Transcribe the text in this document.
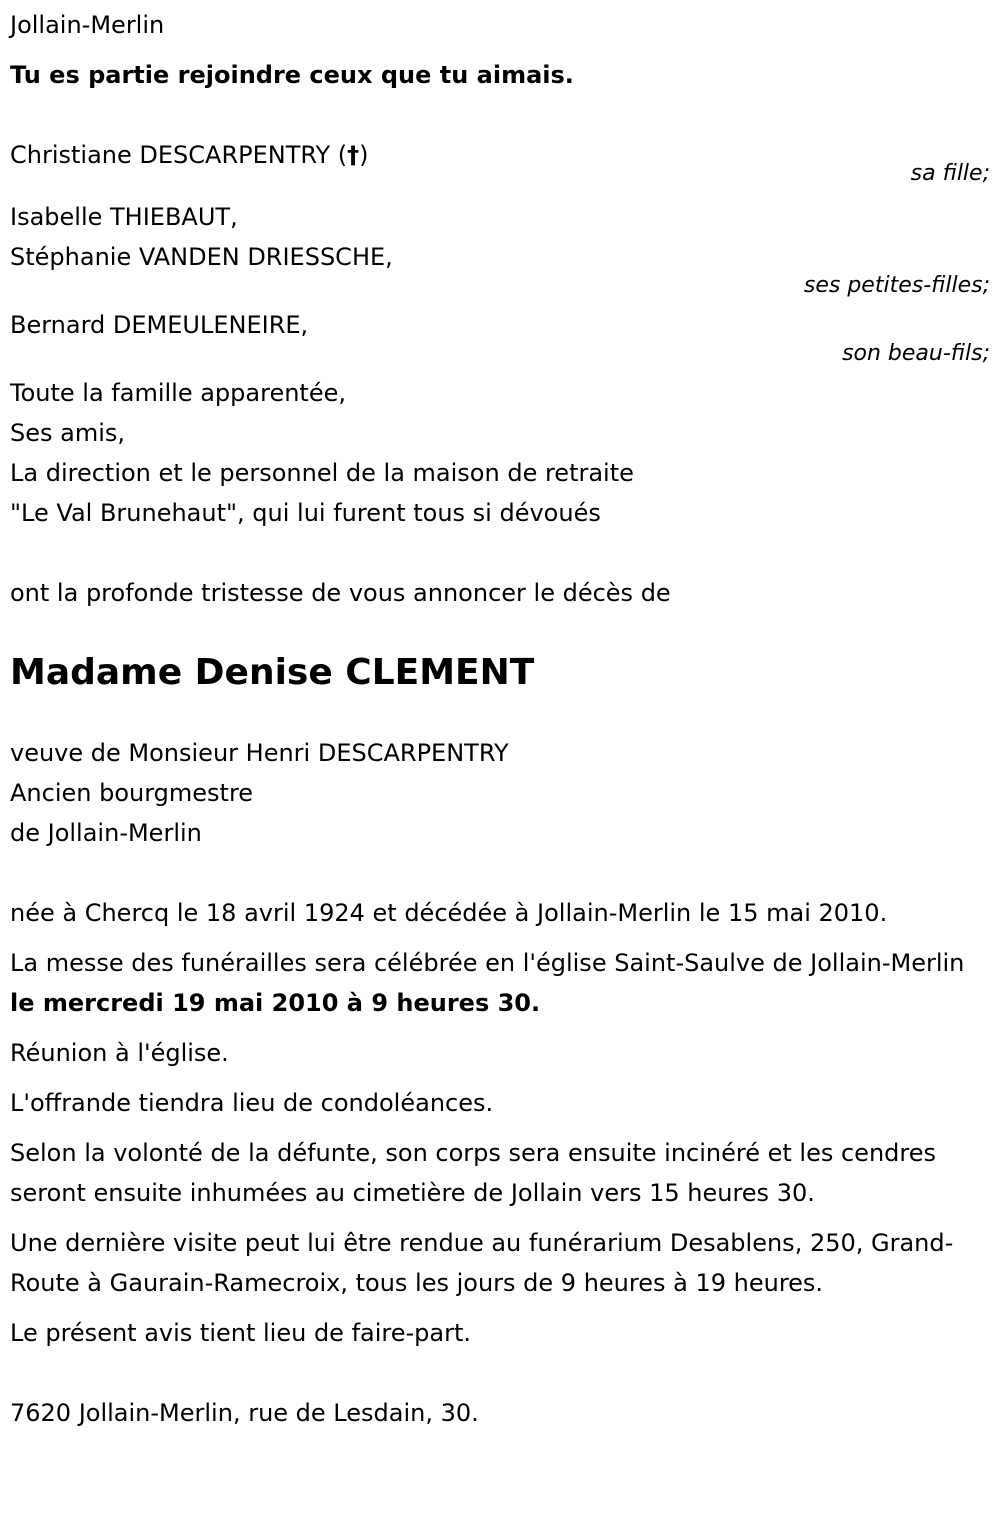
Jollain-Merlin
Tu es partie rejoindre ceux que tu aimais.
Christiane DESCARPENTRY (†)
sa fille;
Isabelle THIEBAUT,
Stéphanie VANDEN DRIESSCHE,
ses petites-filles;
Bernard DEMEULENEIRE,
son beau-fils;
Toute la famille apparentée,
Ses amis,
La direction et le personnel de la maison de retraite
"Le Val Brunehaut", qui lui furent tous si dévoués
ont la profonde tristesse de vous annoncer le décès de
Madame Denise CLEMENT
veuve de Monsieur Henri DESCARPENTRY
Ancien bourgmestre
de Jollain-Merlin
née à Chercq le 18 avril 1924 et décédée à Jollain-Merlin le 15 mai 2010.
La messe des funérailles sera célébrée en l'église Saint-Saulve de Jollain-Merlin le mercredi 19 mai 2010 à 9 heures 30.
Réunion à l'église.
L'offrande tiendra lieu de condoléances.
Selon la volonté de la défunte, son corps sera ensuite incinéré et les cendres seront ensuite inhumées au cimetière de Jollain vers 15 heures 30.
Une dernière visite peut lui être rendue au funérarium Desablens, 250, Grand-Route à Gaurain-Ramecroix, tous les jours de 9 heures à 19 heures.
Le présent avis tient lieu de faire-part.
7620 Jollain-Merlin, rue de Lesdain, 30.
